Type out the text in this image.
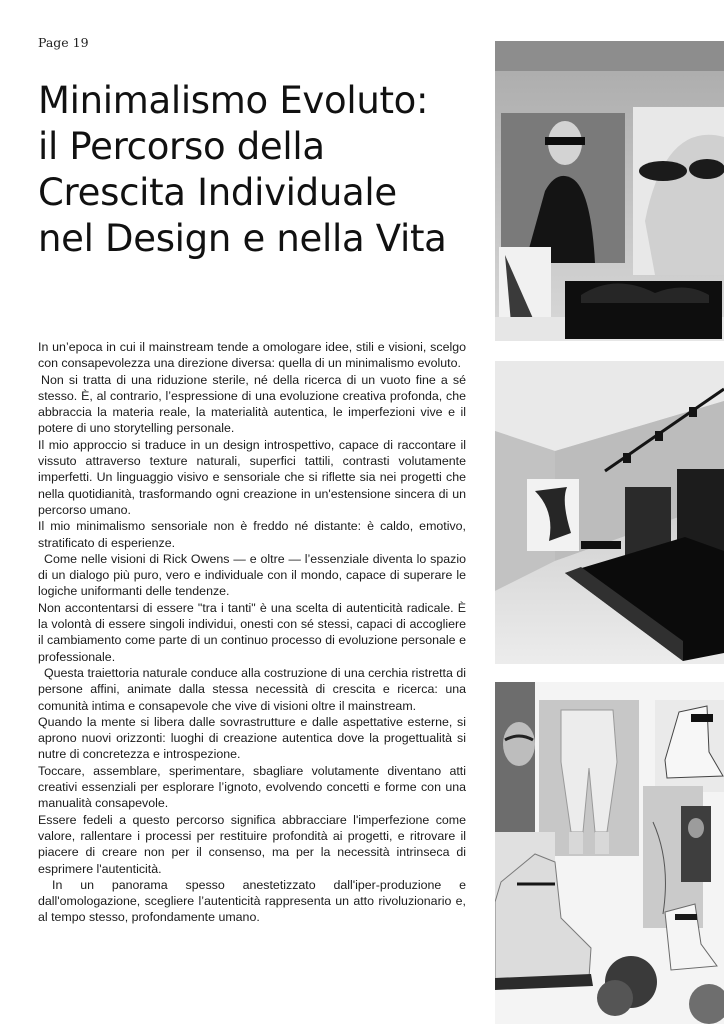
Page 19
Minimalismo Evoluto:
il Percorso della
Crescita Individuale
nel Design e nella Vita

In un’epoca in cui il mainstream tende a omologare idee, stili e visioni, scelgo con consapevolezza una direzione diversa: quella di un minimalismo evoluto.

Non si tratta di una riduzione sterile, né della ricerca di un vuoto fine a sé stesso. È, al contrario, l’espressione di una evoluzione creativa profonda, che abbraccia la materia reale, la materialità autentica, le imperfezioni vive e il potere di uno storytelling personale.

Il mio approccio si traduce in un design introspettivo, capace di raccontare il vissuto attraverso texture naturali, superfici tattili, contrasti volutamente imperfetti. Un linguaggio visivo e sensoriale che si riflette sia nei progetti che nella quotidianità, trasformando ogni creazione in un'estensione sincera di un percorso umano.

Il mio minimalismo sensoriale non è freddo né distante: è caldo, emotivo, stratificato di esperienze.

Come nelle visioni di Rick Owens — e oltre — l’essenziale diventa lo spazio di un dialogo più puro, vero e individuale con il mondo, capace di superare le logiche uniformanti delle tendenze.

Non accontentarsi di essere "tra i tanti" è una scelta di autenticità radicale. È la volontà di essere singoli individui, onesti con sé stessi, capaci di accogliere il cambiamento come parte di un continuo processo di evoluzione personale e professionale.

Questa traiettoria naturale conduce alla costruzione di una cerchia ristretta di persone affini, animate dalla stessa necessità di crescita e ricerca: una comunità intima e consapevole che vive di visioni oltre il mainstream.

Quando la mente si libera dalle sovrastrutture e dalle aspettative esterne, si aprono nuovi orizzonti: luoghi di creazione autentica dove la progettualità si nutre di concretezza e introspezione.

Toccare, assemblare, sperimentare, sbagliare volutamente diventano atti creativi essenziali per esplorare l’ignoto, evolvendo concetti e forme con una manualità consapevole.

Essere fedeli a questo percorso significa abbracciare l'imperfezione come valore, rallentare i processi per restituire profondità ai progetti, e ritrovare il piacere di creare non per il consenso, ma per la necessità intrinseca di esprimere l'autenticità.

In un panorama spesso anestetizzato dall'iper-produzione e dall'omologazione, scegliere l’autenticità rappresenta un atto rivoluzionario e, al tempo stesso, profondamente umano.
